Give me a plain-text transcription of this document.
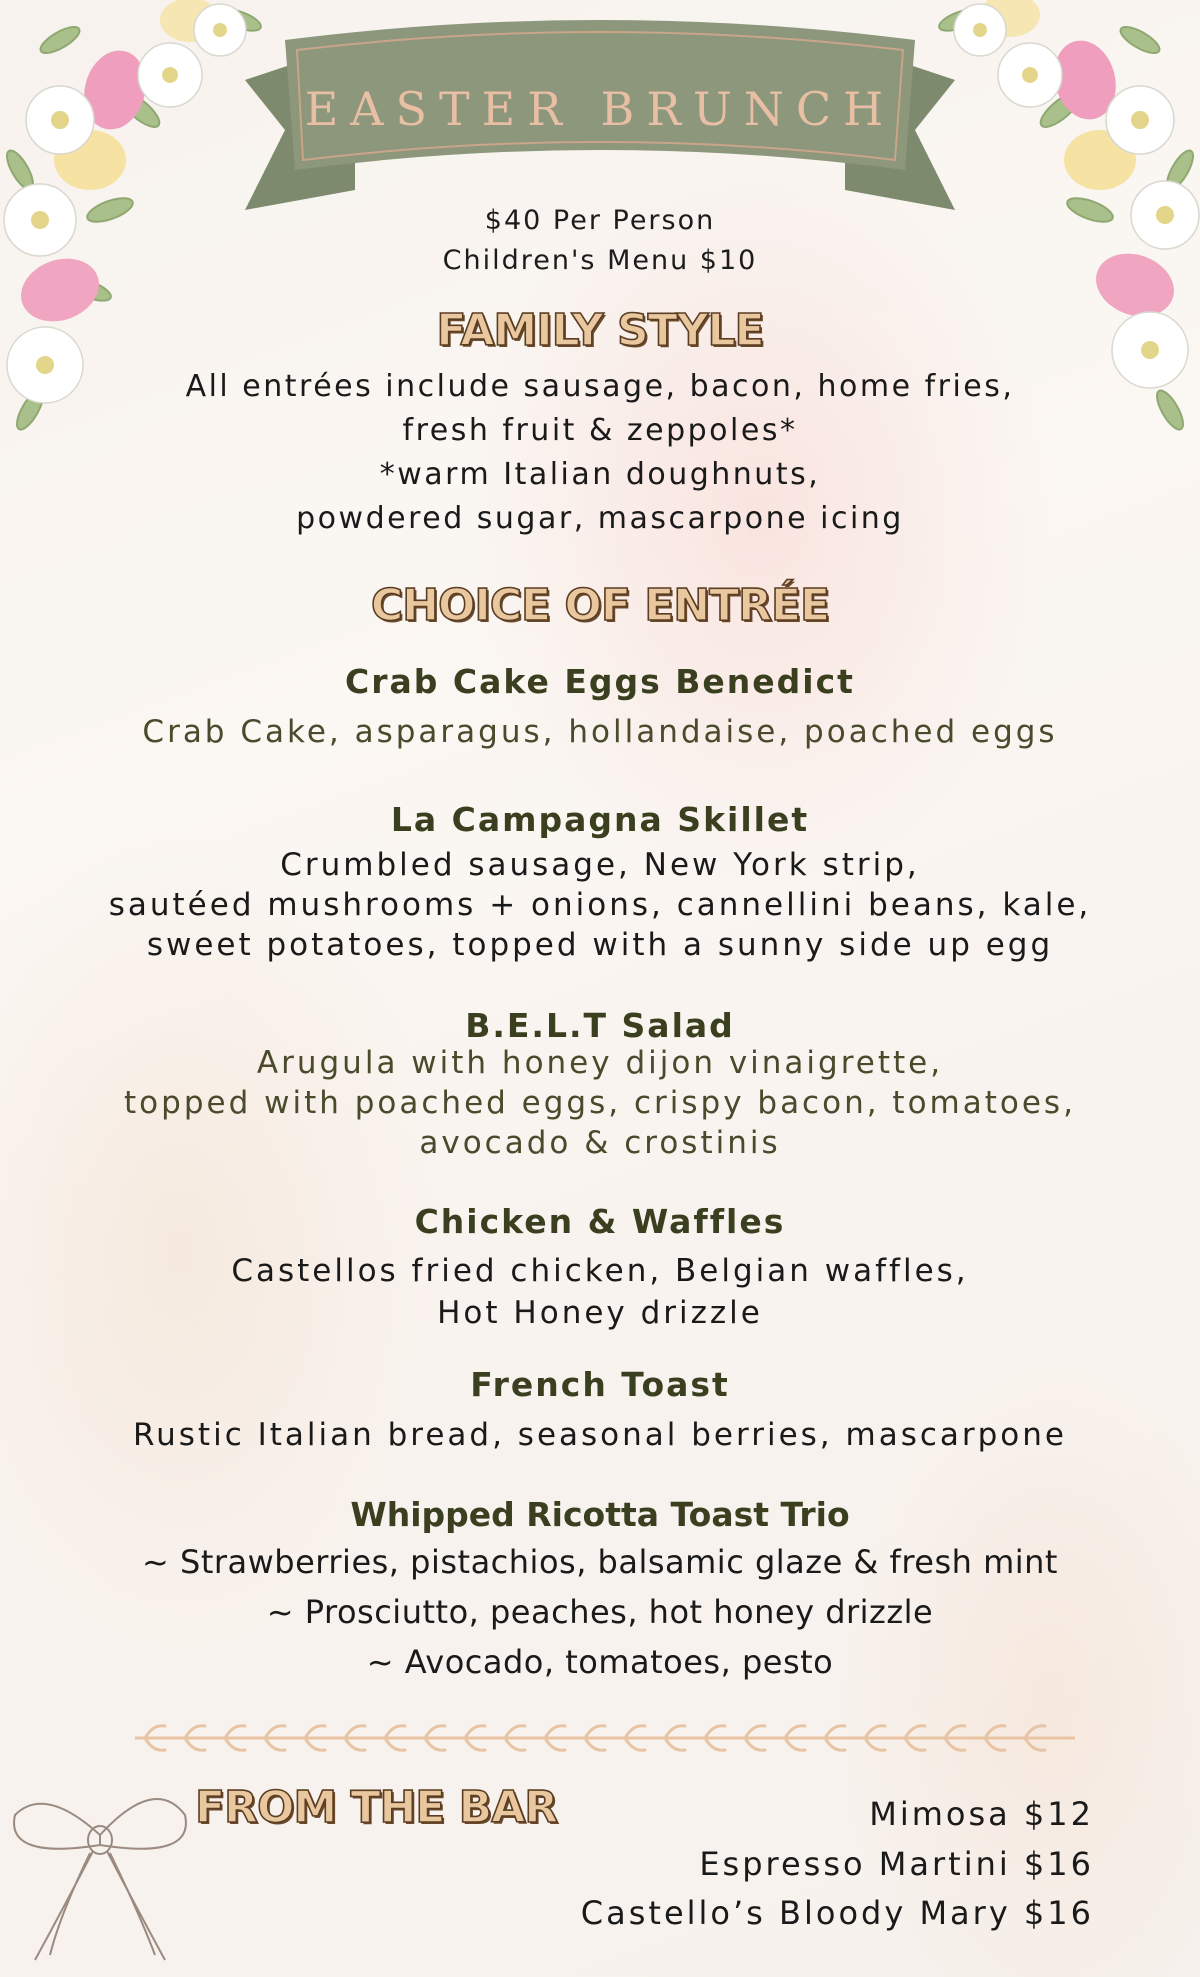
EASTER BRUNCH
$40 Per Person
Children's Menu $10
FAMILY STYLE
All entrées include sausage, bacon, home fries,
fresh fruit & zeppoles*
*warm Italian doughnuts,
powdered sugar, mascarpone icing
CHOICE OF ENTRÉE
Crab Cake Eggs Benedict
Crab Cake, asparagus, hollandaise, poached eggs
La Campagna Skillet
Crumbled sausage, New York strip,
sautéed mushrooms + onions, cannellini beans, kale,
sweet potatoes, topped with a sunny side up egg
B.E.L.T Salad
Arugula with honey dijon vinaigrette,
topped with poached eggs, crispy bacon, tomatoes,
avocado & crostinis
Chicken & Waffles
Castellos fried chicken, Belgian waffles,
Hot Honey drizzle
French Toast
Rustic Italian bread, seasonal berries, mascarpone
Whipped Ricotta Toast Trio
~ Strawberries, pistachios, balsamic glaze & fresh mint
~ Prosciutto, peaches, hot honey drizzle
~ Avocado, tomatoes, pesto
FROM THE BAR	Mimosa $12
Espresso Martini $16
Castello’s Bloody Mary $16
